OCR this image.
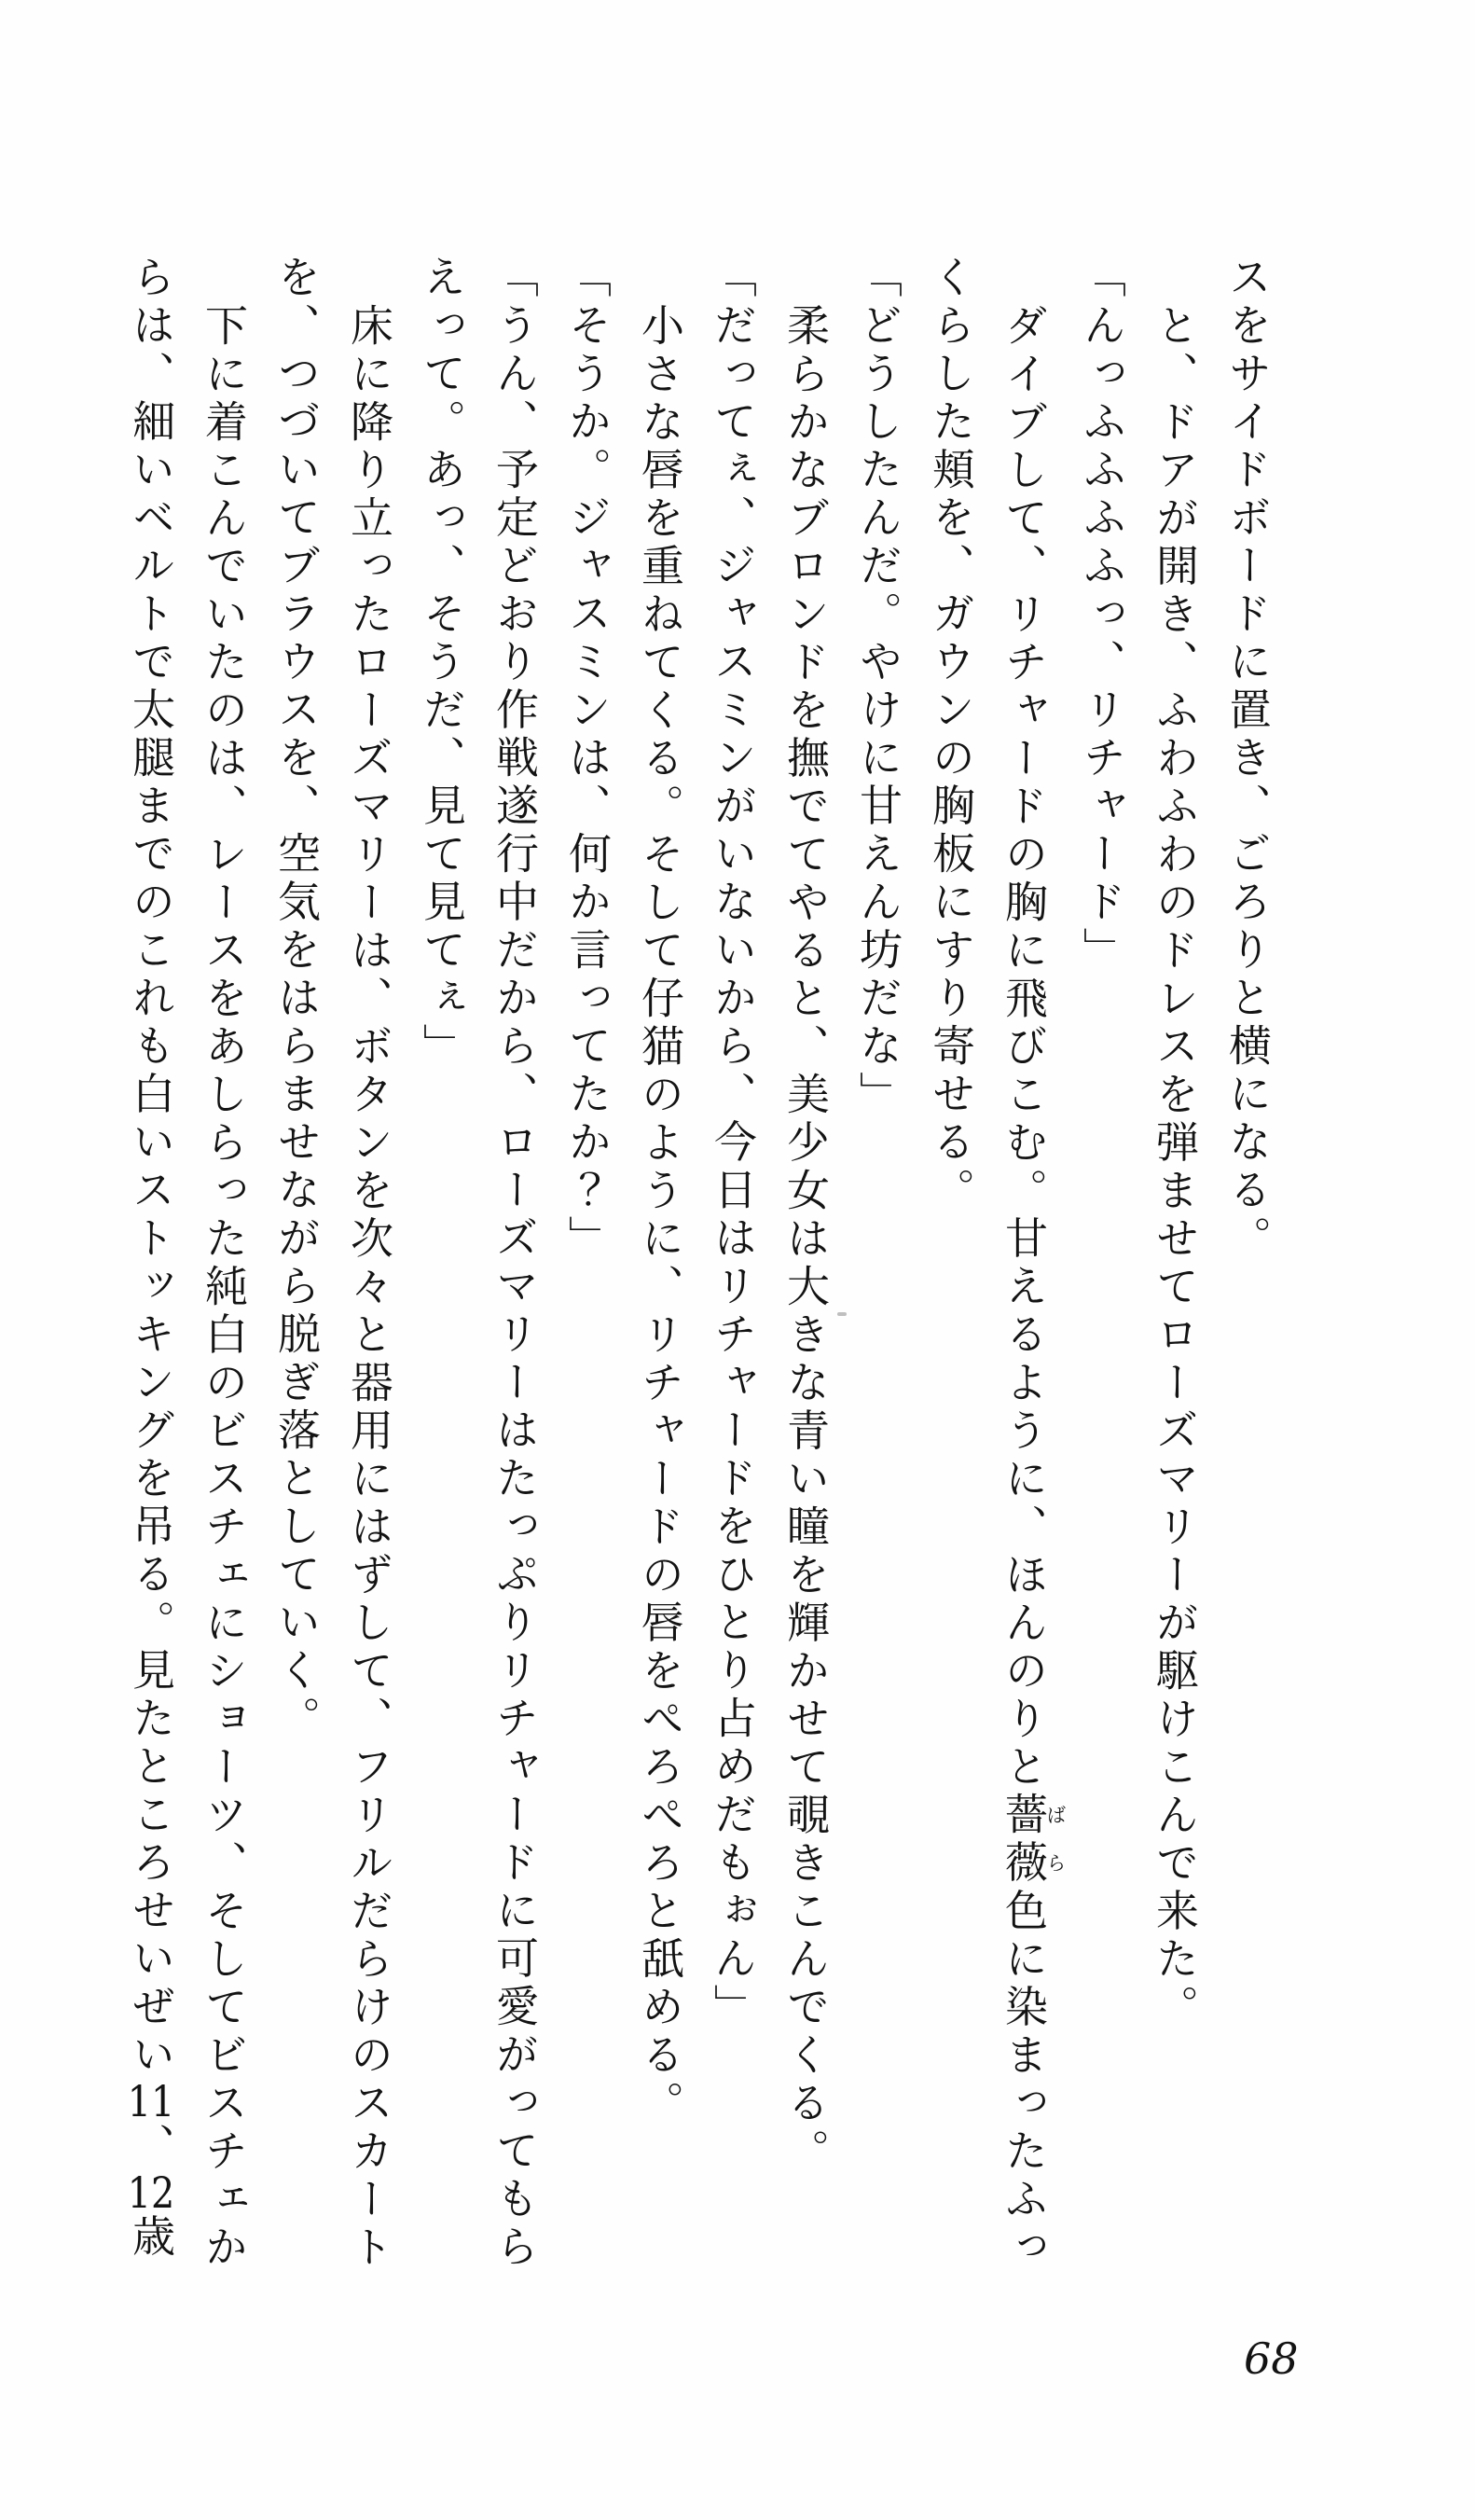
スをサイドボードに置き、ごろりと横になる。

と、ドアが開き、ふわふわのドレスを弾ませてローズマリーが駆けこんで来た。

「んっふふふふっ、リチャード」

ダイブして、リチャードの胸に飛びこむ。甘えるように、ほんのりと薔薇ばら色に染まったふっ

くらした頬を、ガウンの胸板にすり寄せる。

「どうしたんだ。やけに甘えん坊だな」

柔らかなブロンドを撫でてやると、美少女は大きな青い瞳を輝かせて覗きこんでくる。

「だってぇ、ジャスミンがいないから、今日はリチャードをひとり占めだもぉん」

小さな唇を重ねてくる。そして仔猫のように、リチャードの唇をぺろぺろと舐める。

「そうか。ジャスミンは、何か言ってたか？」

「うん、予定どおり作戦遂行中だから、ローズマリーはたっぷりリチャードに可愛がってもら

えって。あっ、そうだ、見て見てぇ」

床に降り立ったローズマリーは、ボタンを次々と器用にはずして、フリルだらけのスカート

を、つづいてブラウスを、空気をはらませながら脱ぎ落としていく。

下に着こんでいたのは、レースをあしらった純白のビスチェにショーツ、そしてビスチェか

らは、細いベルトで太腿までのこれも白いストッキングを吊る。見たところせいぜい11、12歳

68
